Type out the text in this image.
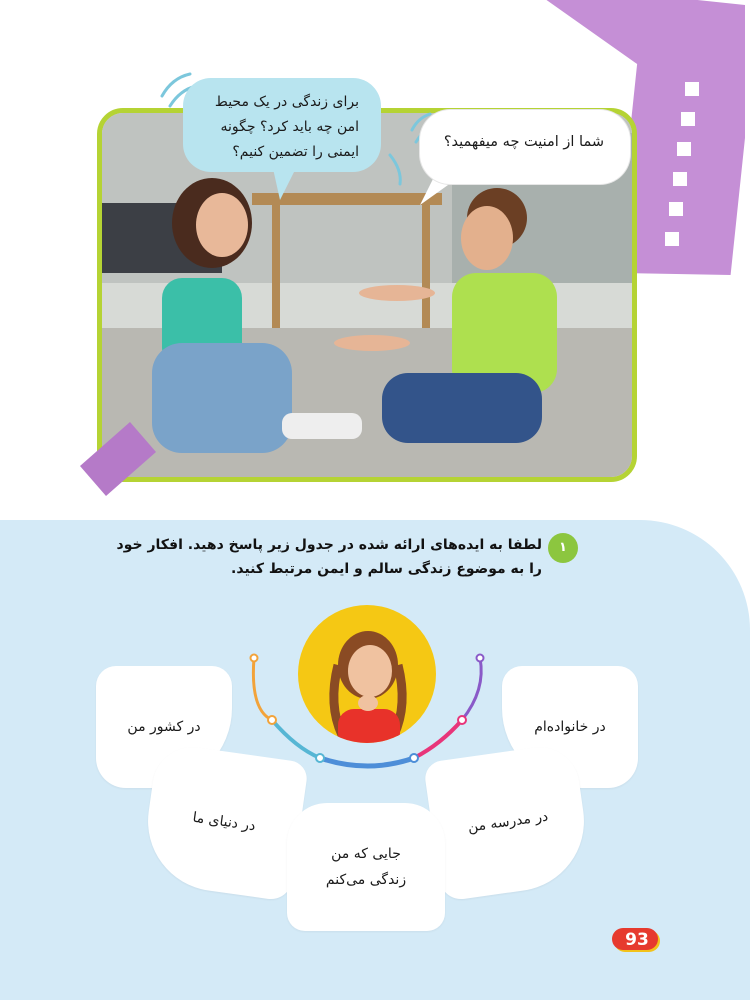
برای زندگی در یک محیط
امن چه باید کرد؟ چگونه
ایمنی را تضمین کنیم؟
شما از امنیت چه میفهمید؟
۱
لطفا به ایده‌های ارائه شده در جدول زیر پاسخ دهید. افکار خود را به موضوع زندگی سالم و ایمن مرتبط کنید.
در خانواده‌ام
در کشور من
در مدرسه من
در دنیای ما
جایی که من
زندگی می‌کنم
93
